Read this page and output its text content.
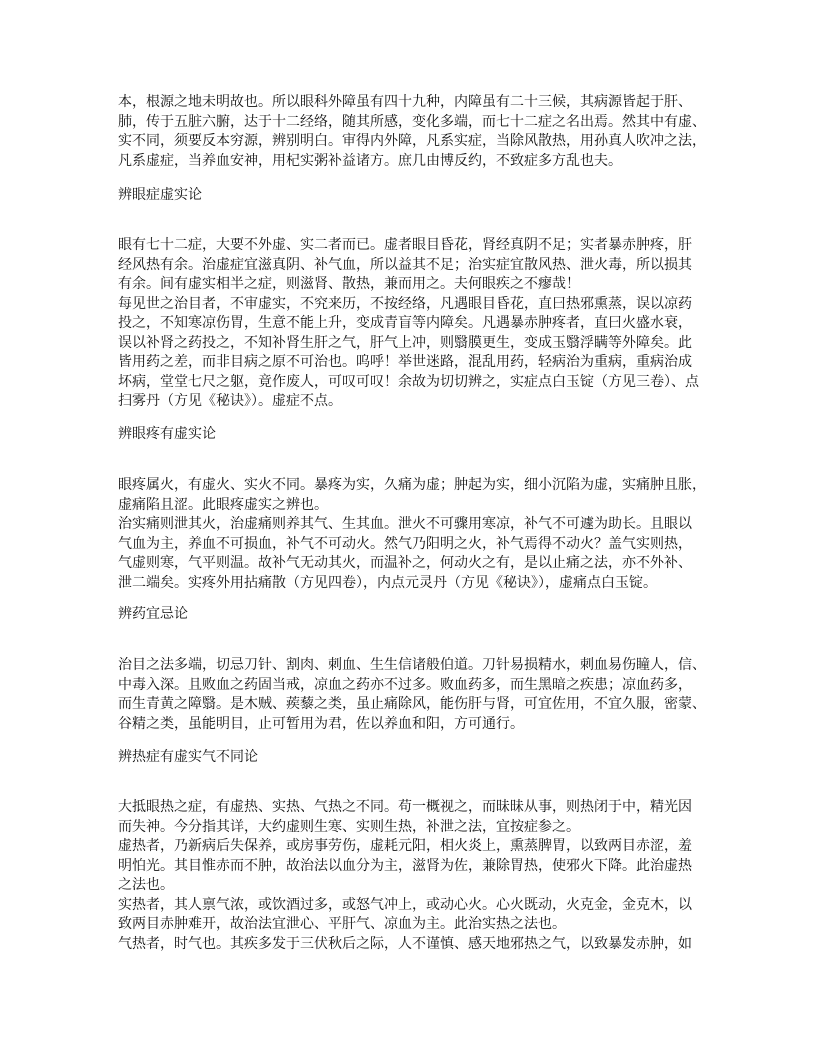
本，根源之地未明故也。所以眼科外障虽有四十九种，内障虽有二十三候，其病源皆起于肝、
肺，传于五脏六腑，达于十二经络，随其所感，变化多端，而七十二症之名出焉。然其中有虚、
实不同，须要反本穷源，辨别明白。审得内外障，凡系实症，当除风散热，用孙真人吹冲之法，
凡系虚症，当养血安神，用杞实粥补益诸方。庶几由博反约，不致症多方乱也夫。
辨眼症虚实论
眼有七十二症，大要不外虚、实二者而已。虚者眼目昏花，肾经真阴不足；实者暴赤肿疼，肝
经风热有余。治虚症宜滋真阴、补气血，所以益其不足；治实症宜散风热、泄火毒，所以损其
有余。间有虚实相半之症，则滋肾、散热，兼而用之。夫何眼疾之不瘳哉！
每见世之治目者，不审虚实，不究来历，不按经络，凡遇眼目昏花，直曰热邪熏蒸，误以凉药
投之，不知寒凉伤胃，生意不能上升，变成青盲等内障矣。凡遇暴赤肿疼者，直曰火盛水衰，
误以补肾之药投之，不知补肾生肝之气，肝气上冲，则翳膜更生，变成玉翳浮瞒等外障矣。此
皆用药之差，而非目病之原不可治也。呜呼！举世迷路，混乱用药，轻病治为重病，重病治成
坏病，堂堂七尺之躯，竟作废人，可叹可叹！余故为切切辨之，实症点白玉锭（方见三卷）、点
扫雾丹（方见《秘诀》）。虚症不点。
辨眼疼有虚实论
眼疼属火，有虚火、实火不同。暴疼为实，久痛为虚；肿起为实，细小沉陷为虚，实痛肿且胀，
虚痛陷且涩。此眼疼虚实之辨也。
治实痛则泄其火，治虚痛则养其气、生其血。泄火不可骤用寒凉，补气不可遽为助长。且眼以
气血为主，养血不可损血，补气不可动火。然气乃阳明之火，补气焉得不动火？盖气实则热，
气虚则寒，气平则温。故补气无动其火，而温补之，何动火之有，是以止痛之法，亦不外补、
泄二端矣。实疼外用拈痛散（方见四卷），内点元灵丹（方见《秘诀》），虚痛点白玉锭。
辨药宜忌论
治目之法多端，切忌刀针、割肉、刺血、生生信诸般伯道。刀针易损精水，刺血易伤瞳人，信、
中毒入深。且败血之药固当戒，凉血之药亦不过多。败血药多，而生黑暗之疾患；凉血药多，
而生青黄之障翳。是木贼、蒺藜之类，虽止痛除风，能伤肝与肾，可宜佐用，不宜久服，密蒙、
谷精之类，虽能明目，止可暂用为君，佐以养血和阳，方可通行。
辨热症有虚实气不同论
大抵眼热之症，有虚热、实热、气热之不同。苟一概视之，而昧昧从事，则热闭于中，精光因
而失神。今分指其详，大约虚则生寒、实则生热，补泄之法，宜按症参之。
虚热者，乃新病后失保养，或房事劳伤，虚耗元阳，相火炎上，熏蒸脾胃，以致两目赤涩，羞
明怕光。其目惟赤而不肿，故治法以血分为主，滋肾为佐，兼除胃热，使邪火下降。此治虚热
之法也。
实热者，其人禀气浓，或饮酒过多，或怒气冲上，或动心火。心火既动，火克金，金克木，以
致两目赤肿难开，故治法宜泄心、平肝气、凉血为主。此治实热之法也。
气热者，时气也。其疾多发于三伏秋后之际，人不谨慎、感天地邪热之气，以致暴发赤肿，如
